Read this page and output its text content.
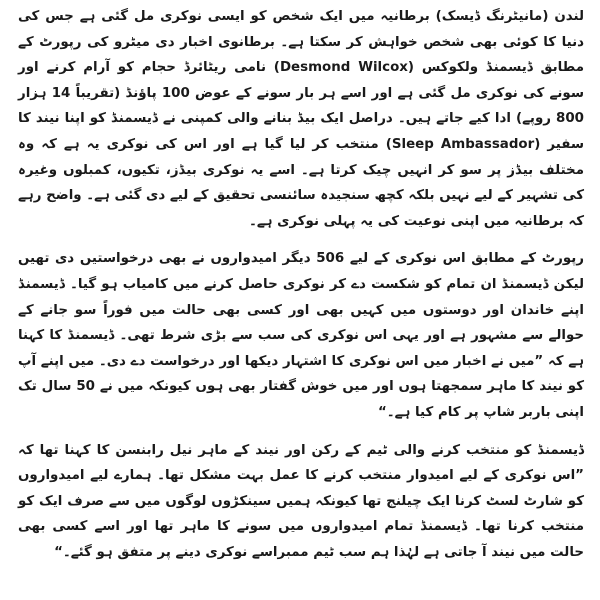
لندن (مانیٹرنگ ڈیسک) برطانیہ میں ایک شخص کو ایسی نوکری مل گئی ہے جس کی دنیا کا کوئی بھی شخص خواہش کر سکتا ہے۔ برطانوی اخبار دی میٹرو کی رپورٹ کے مطابق ڈیسمنڈ ولکوکس (Desmond Wilcox) نامی ریٹائرڈ حجام کو آرام کرنے اور سونے کی نوکری مل گئی ہے اور اسے ہر بار سونے کے عوض 100 پاﺅنڈ (تقریباً 14 ہزار 800 روپے) ادا کیے جاتے ہیں۔ دراصل ایک بیڈ بنانے والی کمپنی نے ڈیسمنڈ کو اپنا نیند کا سفیر (Sleep Ambassador) منتخب کر لیا گیا ہے اور اس کی نوکری یہ ہے کہ وہ مختلف بیڈز پر سو کر انہیں چیک کرتا ہے۔ اسے یہ نوکری بیڈز، تکیوں، کمبلوں وغیرہ کی تشہیر کے لیے نہیں بلکہ کچھ سنجیدہ سائنسی تحقیق کے لیے دی گئی ہے۔ واضح رہے کہ برطانیہ میں اپنی نوعیت کی یہ پہلی نوکری ہے۔

رپورٹ کے مطابق اس نوکری کے لیے 506 دیگر امیدواروں نے بھی درخواستیں دی تھیں لیکن ڈیسمنڈ ان تمام کو شکست دے کر نوکری حاصل کرنے میں کامیاب ہو گیا۔ ڈیسمنڈ اپنے خاندان اور دوستوں میں کہیں بھی اور کسی بھی حالت میں فوراً سو جانے کے حوالے سے مشہور ہے اور یہی اس نوکری کی سب سے بڑی شرط تھی۔ ڈیسمنڈ کا کہنا ہے کہ ”میں نے اخبار میں اس نوکری کا اشتہار دیکھا اور درخواست دے دی۔ میں اپنے آپ کو نیند کا ماہر سمجھتا ہوں اور میں خوش گفتار بھی ہوں کیونکہ میں نے 50 سال تک اپنی باربر شاپ پر کام کیا ہے۔“

ڈیسمنڈ کو منتخب کرنے والی ٹیم کے رکن اور نیند کے ماہر نیل رابنسن کا کہنا تھا کہ ”اس نوکری کے لیے امیدوار منتخب کرنے کا عمل بہت مشکل تھا۔ ہمارے لیے امیدواروں کو شارٹ لسٹ کرنا ایک چیلنج تھا کیونکہ ہمیں سینکڑوں لوگوں میں سے صرف ایک کو منتخب کرنا تھا۔ ڈیسمنڈ تمام امیدواروں میں سونے کا ماہر تھا اور اسے کسی بھی حالت میں نیند آ جاتی ہے لہٰذا ہم سب ٹیم ممبراسے نوکری دینے پر متفق ہو گئے۔“
